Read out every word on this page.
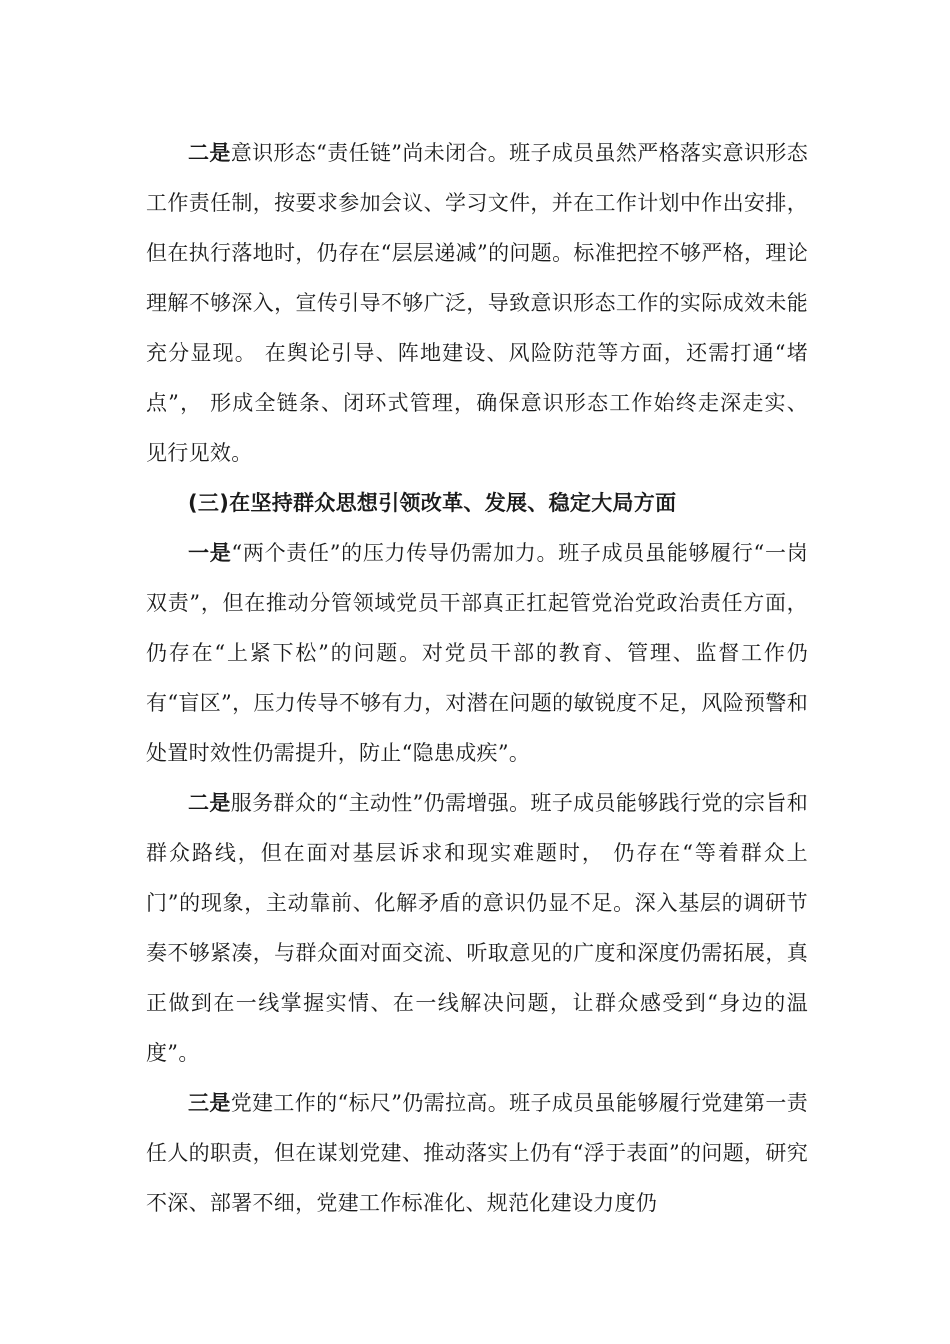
二是意识形态“责任链”尚未闭合。班子成员虽然严格落实意识形态工作责任制，按要求参加会议、学习文件，并在工作计划中作出安排，但在执行落地时，仍存在“层层递减”的问题。标准把控不够严格，理论理解不够深入，宣传引导不够广泛，导致意识形态工作的实际成效未能充分显现。 在舆论引导、阵地建设、风险防范等方面，还需打通“堵点”， 形成全链条、闭环式管理，确保意识形态工作始终走深走实、 见行见效。

(三)在坚持群众思想引领改革、发展、稳定大局方面

一是“两个责任”的压力传导仍需加力。班子成员虽能够履行“一岗双责”，但在推动分管领域党员干部真正扛起管党治党政治责任方面，仍存在“上紧下松”的问题。对党员干部的教育、管理、监督工作仍有“盲区”，压力传导不够有力，对潜在问题的敏锐度不足，风险预警和处置时效性仍需提升，防止“隐患成疾”。

二是服务群众的“主动性”仍需增强。班子成员能够践行党的宗旨和群众路线，但在面对基层诉求和现实难题时， 仍存在“等着群众上门”的现象，主动靠前、化解矛盾的意识仍显不足。深入基层的调研节奏不够紧凑，与群众面对面交流、听取意见的广度和深度仍需拓展，真正做到在一线掌握实情、在一线解决问题，让群众感受到“身边的温度”。

三是党建工作的“标尺”仍需拉高。班子成员虽能够履行党建第一责任人的职责，但在谋划党建、推动落实上仍有“浮于表面”的问题，研究不深、部署不细，党建工作标准化、规范化建设力度仍
